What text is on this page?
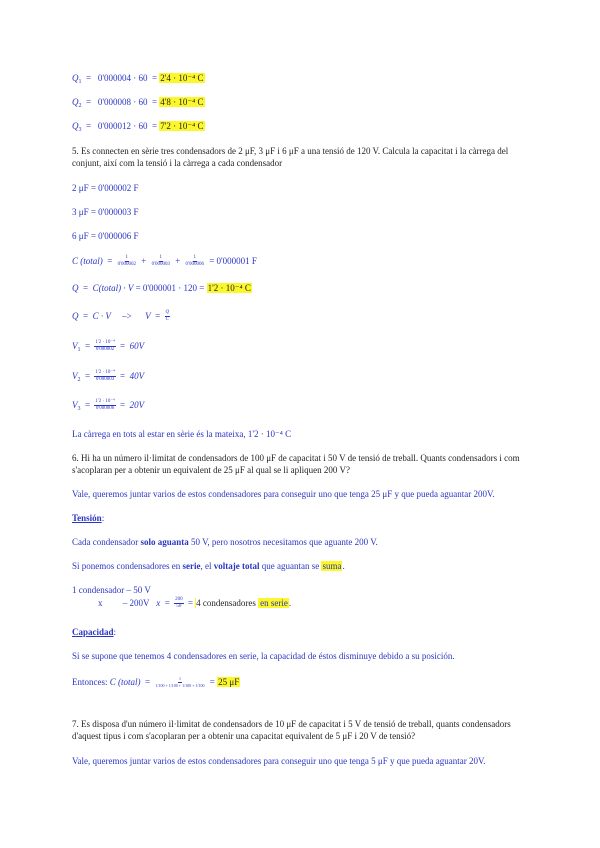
$Q_1 = 0'000004 \cdot 60 = 2'4 \cdot 10^{-4}$ C
$Q_2 = 0'000008 \cdot 60 = 4'8 \cdot 10^{-4}$ C
$Q_3 = 0'000012 \cdot 60 = 7'2 \cdot 10^{-4}$ C
5. Es connecten en sèrie tres condensadors de 2 μF, 3 μF i 6 μF a una tensió de 120 V. Calcula la capacitat i la càrrega del
conjunt, així com la tensió i la càrrega a cada condensador
2 μF = 0'000002 F
3 μF = 0'000003 F
6 μF = 0'000006 F
C (total) = $\frac{1}{0'000002} + \frac{1}{0'000003} + \frac{1}{0'000006} = 0'000001$ F
Q = C(total) · V = 0'000001 · 120 = 1'2 · 10⁻⁴ C
$Q = C \cdot V -> V = \frac{Q}{C}$
$V_1 = \frac{\text{1'2 · 10⁻⁴}}{0'000002} = 60V$
$V_2 = \frac{\text{1'2 · 10⁻⁴}}{0'000003} = 40V$
$V_3 = \frac{\text{1'2 · 10⁻⁴}}{0'000006} = 20V$
La càrrega en tots al estar en sèrie és la mateixa, 1'2 · 10⁻⁴ C
6. Hi ha un número il·limitat de condensadors de 100 μF de capacitat i 50 V de tensió de treball. Quants condensadors i com
s'acoplaran per a obtenir un equivalent de 25 μF al qual se li apliquen 200 V?
Vale, queremos juntar varios de estos condensadores para conseguir uno que tenga 25 μF y que pueda aguantar 200V.
Tensión:
Cada condensador solo aguanta 50 V, pero nosotros necesitamos que aguante 200 V.
Si ponemos condensadores en serie, el voltaje total que aguantan se suma.
1 condensador – 50 V
x – 200V $x = \frac{200}{50} = 4$ condensadores en serie.
Capacidad:
Si se supone que tenemos 4 condensadores en serie, la capacidad de éstos disminuye debido a su posición.
Entonces: C (total) = $\frac{1}{1/100 + 1/100 + 1/100 + 1/100} = 25$ μF
7. Es disposa d'un número il·limitat de condensadors de 10 μF de capacitat i 5 V de tensió de treball, quants condensadors
d'aquest tipus i com s'acoplaran per a obtenir una capacitat equivalent de 5 μF i 20 V de tensió?
Vale, queremos juntar varios de estos condensadores para conseguir uno que tenga 5 μF y que pueda aguantar 20V.
